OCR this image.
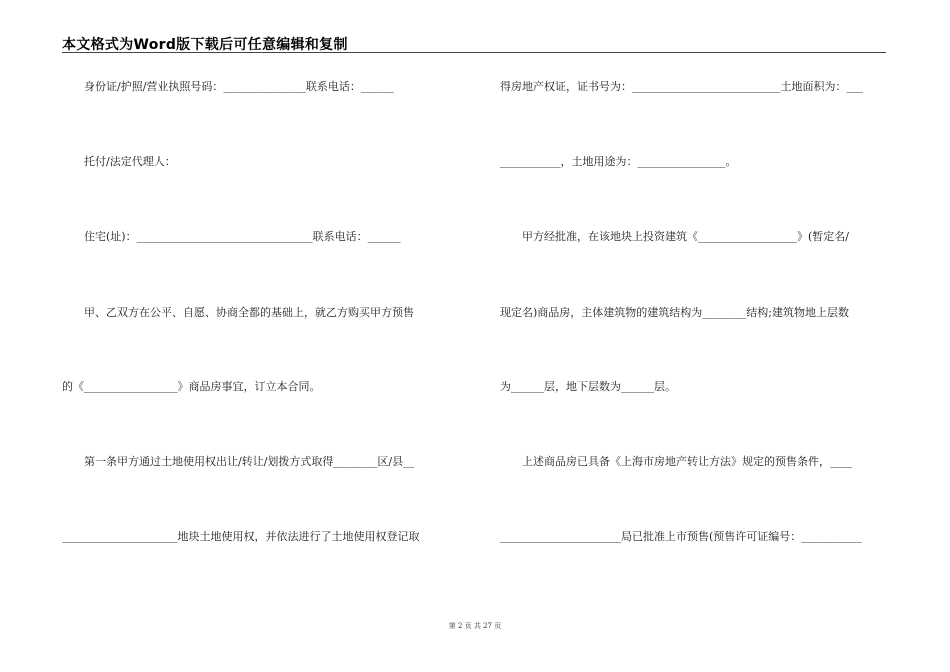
本文格式为Word版下载后可任意编辑和复制
　　身份证/护照/营业执照号码：_______________联系电话：______
　　托付/法定代理人：
　　住宅(址)：________________________________联系电话：______
　　甲、乙双方在公平、自愿、协商全都的基础上，就乙方购买甲方预售
的《_________________》商品房事宜，订立本合同。
　　第一条甲方通过土地使用权出让/转让/划拨方式取得________区/县__
_____________________地块土地使用权，并依法进行了土地使用权登记取
得房地产权证，证书号为：___________________________土地面积为：___
___________，土地用途为：________________。
　　甲方经批准，在该地块上投资建筑《__________________》(暂定名/
现定名)商品房，主体建筑物的建筑结构为________结构;建筑物地上层数
为______层，地下层数为______层。
　　上述商品房已具备《上海市房地产转让方法》规定的预售条件，____
______________________局已批准上市预售(预售许可证编号：___________
第 2 页 共 27 页
